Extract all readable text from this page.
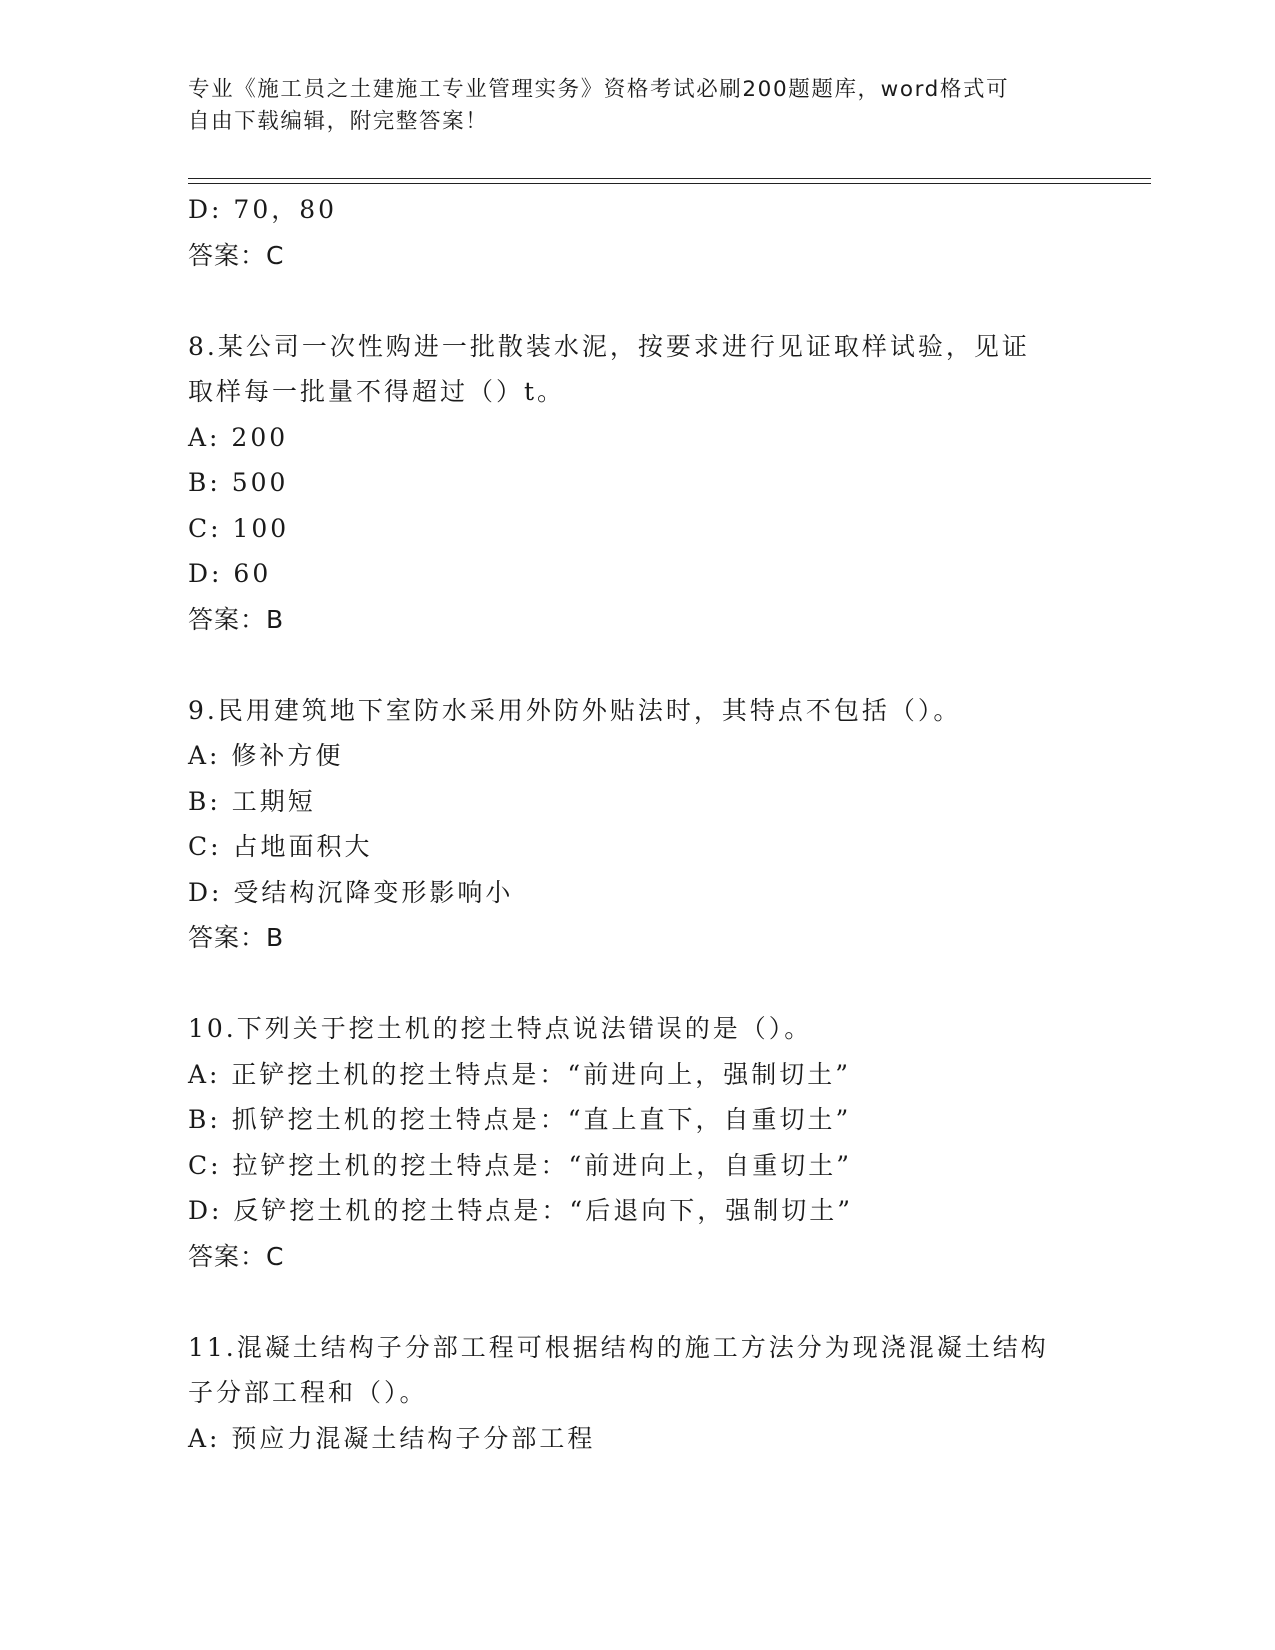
专业《施工员之土建施工专业管理实务》资格考试必刷200题题库，word格式可
自由下载编辑，附完整答案！
D: 70，80
答案：C
8.某公司一次性购进一批散装水泥，按要求进行见证取样试验，见证
取样每一批量不得超过（）t。
A: 200
B: 500
C: 100
D: 60
答案：B
9.民用建筑地下室防水采用外防外贴法时，其特点不包括（）。
A: 修补方便
B: 工期短
C: 占地面积大
D: 受结构沉降变形影响小
答案：B
10.下列关于挖土机的挖土特点说法错误的是（）。
A: 正铲挖土机的挖土特点是：“前进向上，强制切土”
B: 抓铲挖土机的挖土特点是：“直上直下，自重切土”
C: 拉铲挖土机的挖土特点是：“前进向上，自重切土”
D: 反铲挖土机的挖土特点是：“后退向下，强制切土”
答案：C
11.混凝土结构子分部工程可根据结构的施工方法分为现浇混凝土结构
子分部工程和（）。
A: 预应力混凝土结构子分部工程
